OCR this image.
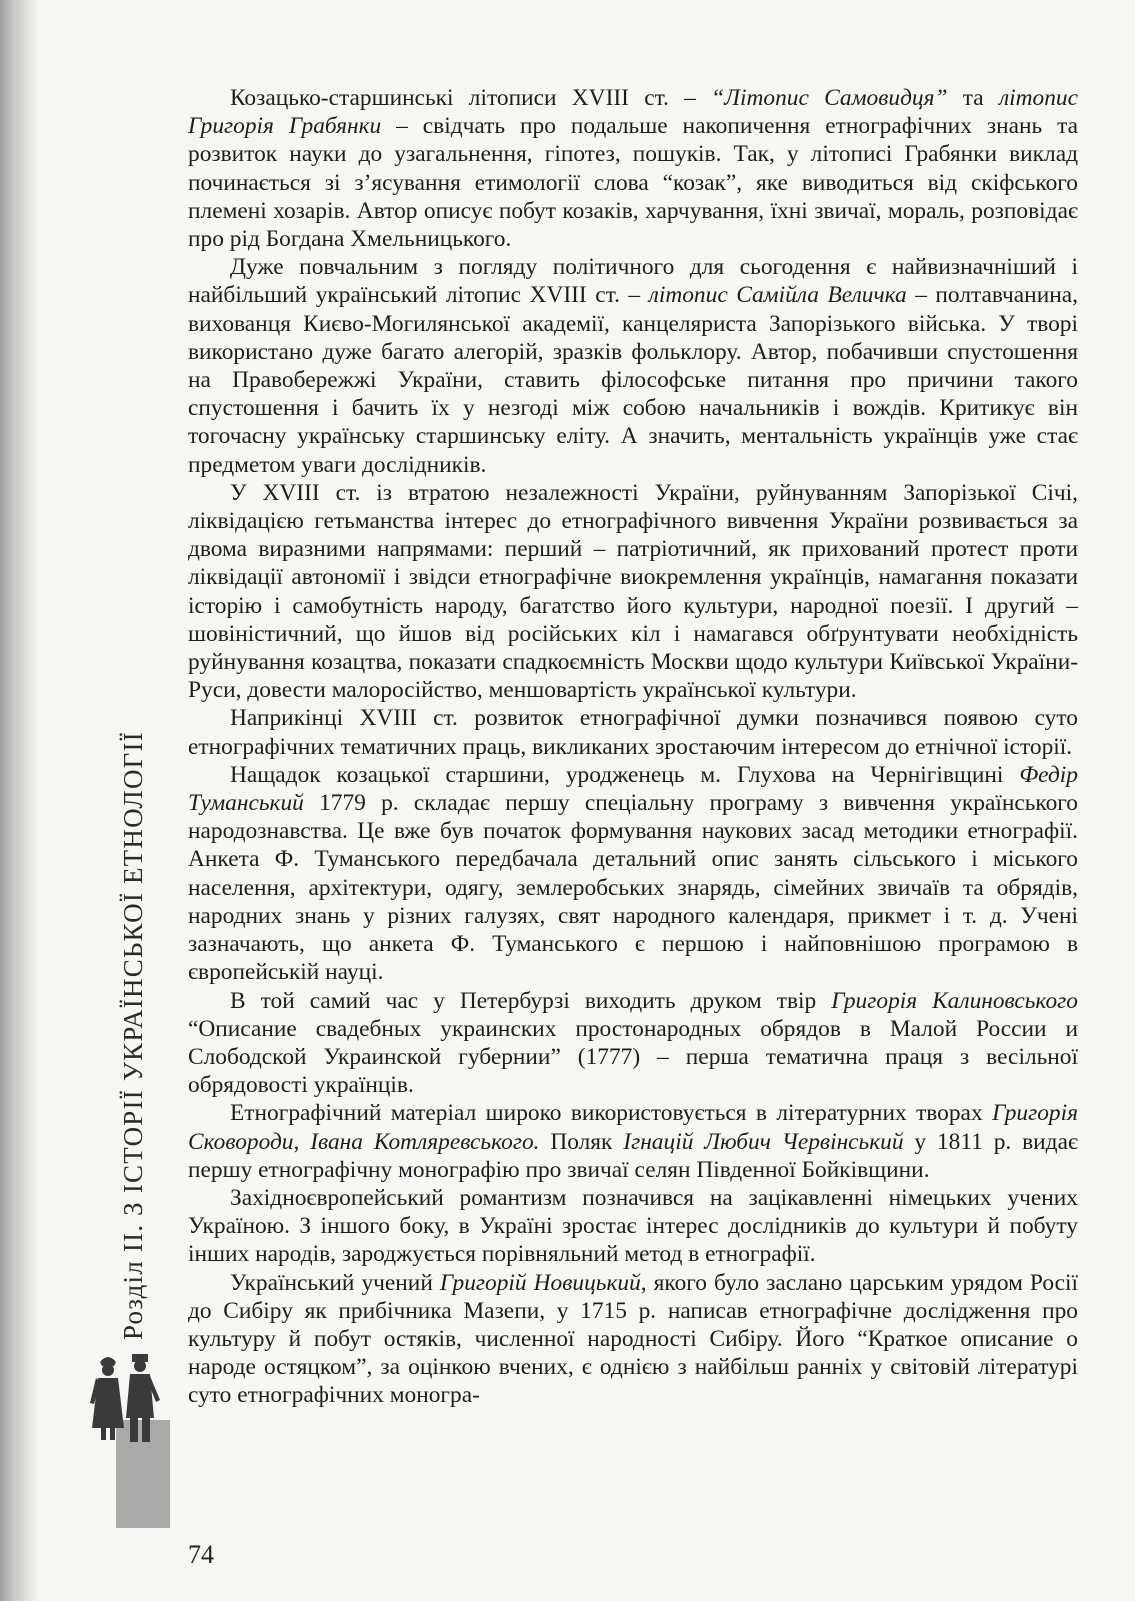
Розділ ІІ. З ІСТОРІЇ УКРАЇНСЬКОЇ ЕТНОЛОГІЇ

Козацько-старшинські літописи XVIII ст. – “Літопис Самовидця” та літопис Григорія Грабянки – свідчать про подальше накопичення етнографічних знань та розвиток науки до узагальнення, гіпотез, пошуків. Так, у літописі Грабянки виклад починається зі з’ясування етимології слова “козак”, яке виводиться від скіфського племені хозарів. Автор описує побут козаків, харчування, їхні звичаї, мораль, розповідає про рід Богдана Хмельницького.

Дуже повчальним з погляду політичного для сьогодення є найвизначніший і найбільший український літопис XVIII ст. – літопис Самійла Величка – полтавчанина, вихованця Києво-Могилянської академії, канцеляриста Запорізького війська. У творі використано дуже багато алегорій, зразків фольклору. Автор, побачивши спустошення на Правобережжі України, ставить філософське питання про причини такого спустошення і бачить їх у незгоді між собою начальників і вождів. Критикує він тогочасну українську старшинську еліту. А значить, ментальність українців уже стає предметом уваги дослідників.

У XVIII ст. із втратою незалежності України, руйнуванням Запорізької Січі, ліквідацією гетьманства інтерес до етнографічного вивчення України розвивається за двома виразними напрямами: перший – патріотичний, як прихований протест проти ліквідації автономії і звідси етнографічне виокремлення українців, намагання показати історію і самобутність народу, багатство його культури, народної поезії. І другий – шовіністичний, що йшов від російських кіл і намагався обґрунтувати необхідність руйнування козацтва, показати спадкоємність Москви щодо культури Київської України-Руси, довести малоросійство, меншовартість української культури.

Наприкінці XVIII ст. розвиток етнографічної думки позначився появою суто етнографічних тематичних праць, викликаних зростаючим інтересом до етнічної історії.

Нащадок козацької старшини, уродженець м. Глухова на Чернігівщині Федір Туманський 1779 р. складає першу спеціальну програму з вивчення українського народознавства. Це вже був початок формування наукових засад методики етнографії. Анкета Ф. Туманського передбачала детальний опис занять сільського і міського населення, архітектури, одягу, землеробських знарядь, сімейних звичаїв та обрядів, народних знань у різних галузях, свят народного календаря, прикмет і т. д. Учені зазначають, що анкета Ф. Туманського є першою і найповнішою програмою в європейській науці.

В той самий час у Петербурзі виходить друком твір Григорія Калиновського “Описание свадебных украинских простонародных обрядов в Малой России и Слободской Украинской губернии” (1777) – перша тематична праця з весільної обрядовості українців.

Етнографічний матеріал широко використовується в літературних творах Григорія Сковороди, Івана Котляревського. Поляк Ігнацій Любич Червінський у 1811 р. видає першу етнографічну монографію про звичаї селян Південної Бойківщини.

Західноєвропейський романтизм позначився на зацікавленні німецьких учених Україною. З іншого боку, в Україні зростає інтерес дослідників до культури й побуту інших народів, зароджується порівняльний метод в етнографії.

Український учений Григорій Новицький, якого було заслано царським урядом Росії до Сибіру як прибічника Мазепи, у 1715 р. написав етнографічне дослідження про культуру й побут остяків, численної народності Сибіру. Його “Краткое описание о народе остяцком”, за оцінкою вчених, є однією з найбільш ранніх у світовій літературі суто етнографічних моногра-

74
